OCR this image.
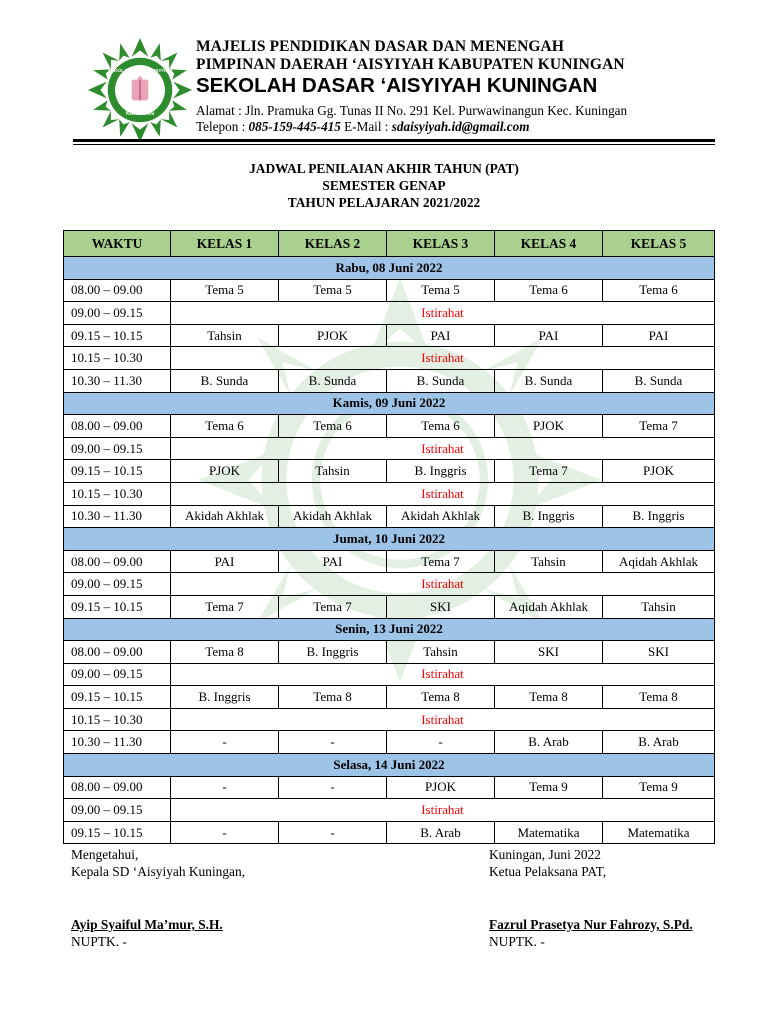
SEKOLAH DASAR AISYIYAH
KUNINGAN
MAJELIS PENDIDIKAN DASAR DAN MENENGAH
PIMPINAN DAERAH ‘AISYIYAH KABUPATEN KUNINGAN
SEKOLAH DASAR ‘AISYIYAH KUNINGAN
Alamat : Jln. Pramuka Gg. Tunas II No. 291 Kel. Purwawinangun Kec. Kuningan
Telepon : 085-159-445-415 E-Mail : sdaisyiyah.id@gmail.com
JADWAL PENILAIAN AKHIR TAHUN (PAT)
SEMESTER GENAP
TAHUN PELAJARAN 2021/2022
WAKTU	KELAS 1	KELAS 2	KELAS 3	KELAS 4	KELAS 5
Rabu, 08 Juni 2022					
08.00 – 09.00	Tema 5	Tema 5	Tema 5	Tema 6	Tema 6
09.00 – 09.15	Istirahat				
09.15 – 10.15	Tahsin	PJOK	PAI	PAI	PAI
10.15 – 10.30	Istirahat				
10.30 – 11.30	B. Sunda	B. Sunda	B. Sunda	B. Sunda	B. Sunda
Kamis, 09 Juni 2022					
08.00 – 09.00	Tema 6	Tema 6	Tema 6	PJOK	Tema 7
09.00 – 09.15	Istirahat				
09.15 – 10.15	PJOK	Tahsin	B. Inggris	Tema 7	PJOK
10.15 – 10.30	Istirahat				
10.30 – 11.30	Akidah Akhlak	Akidah Akhlak	Akidah Akhlak	B. Inggris	B. Inggris
Jumat, 10 Juni 2022					
08.00 – 09.00	PAI	PAI	Tema 7	Tahsin	Aqidah Akhlak
09.00 – 09.15	Istirahat				
09.15 – 10.15	Tema 7	Tema 7	SKI	Aqidah Akhlak	Tahsin
Senin, 13 Juni 2022					
08.00 – 09.00	Tema 8	B. Inggris	Tahsin	SKI	SKI
09.00 – 09.15	Istirahat				
09.15 – 10.15	B. Inggris	Tema 8	Tema 8	Tema 8	Tema 8
10.15 – 10.30	Istirahat				
10.30 – 11.30	-	-	-	B. Arab	B. Arab
Selasa, 14 Juni 2022					
08.00 – 09.00	-	-	PJOK	Tema 9	Tema 9
09.00 – 09.15	Istirahat				
09.15 – 10.15	-	-	B. Arab	Matematika	Matematika
Mengetahui,
Kepala SD ‘Aisyiyah Kuningan,
Ayip Syaiful Ma’mur, S.H.
NUPTK. -
Kuningan, Juni 2022
Ketua Pelaksana PAT,
Fazrul Prasetya Nur Fahrozy, S.Pd.
NUPTK. -
